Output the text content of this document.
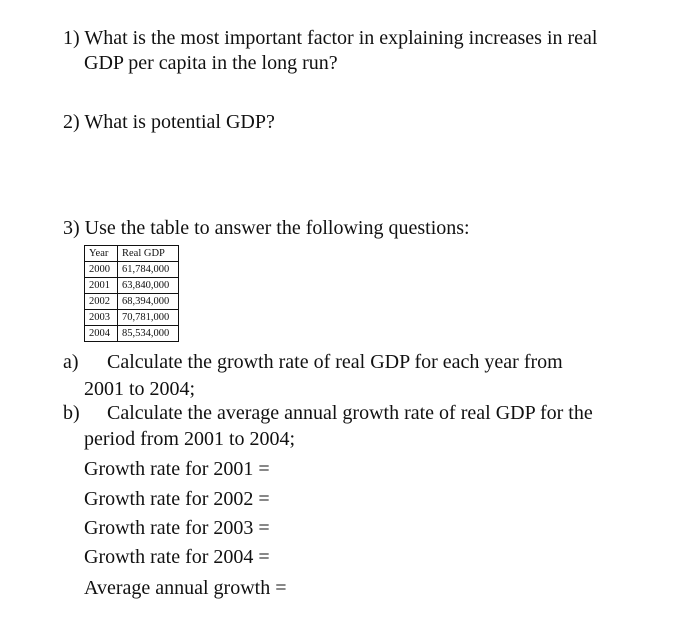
1) What is the most important factor in explaining increases in real
GDP per capita in the long run?
2) What is potential GDP?
3) Use the table to answer the following questions:
Year	Real GDP
2000	61,784,000
2001	63,840,000
2002	68,394,000
2003	70,781,000
2004	85,534,000
a) Calculate the growth rate of real GDP for each year from
2001 to 2004;
b) Calculate the average annual growth rate of real GDP for the
period from 2001 to 2004;
Growth rate for 2001 =
Growth rate for 2002 =
Growth rate for 2003 =
Growth rate for 2004 =
Average annual growth =
